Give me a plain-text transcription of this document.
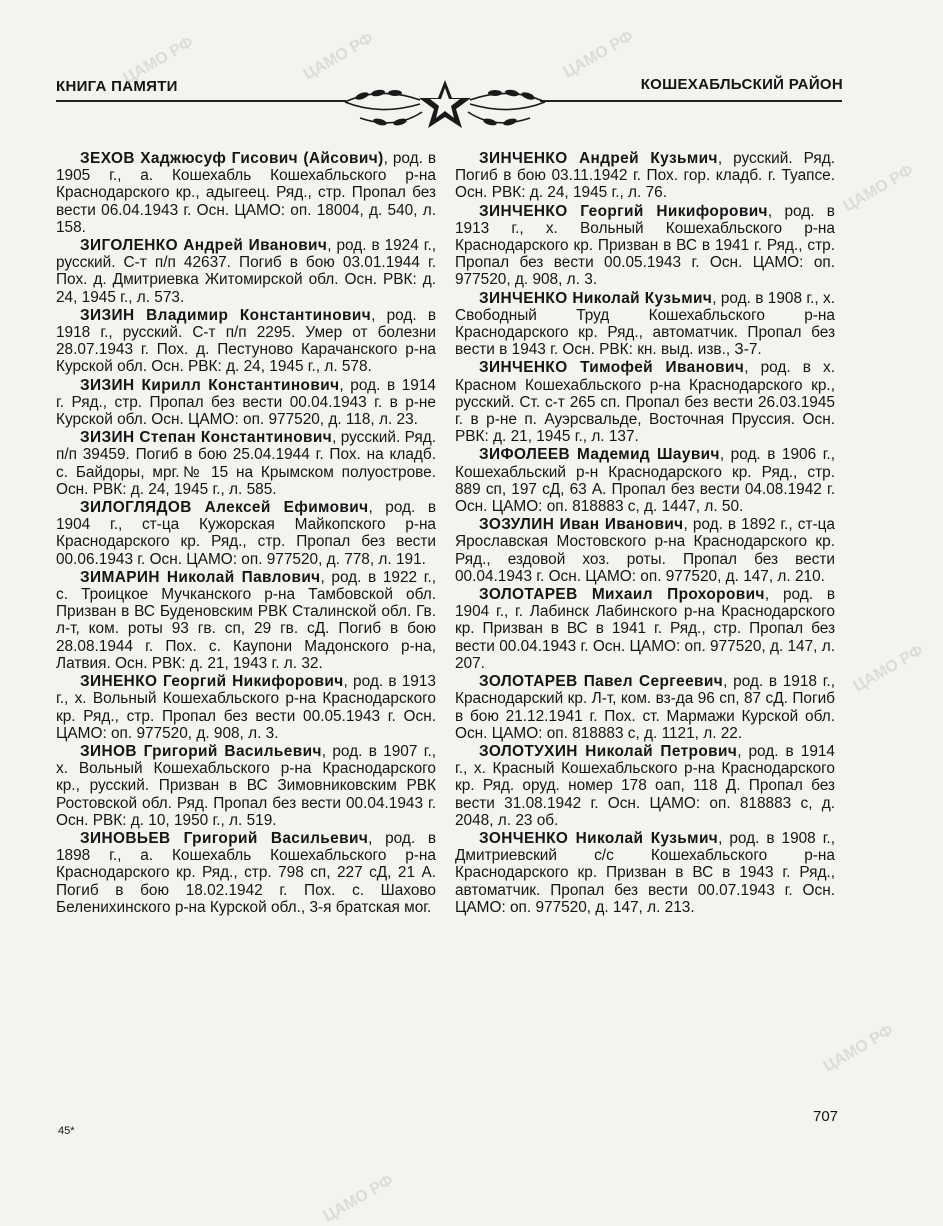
КНИГА ПАМЯТИ	КОШЕХАБЛЬСКИЙ РАЙОН
ЦАМО РФ	ЦАМО РФ	ЦАМО РФ
ЦАМО РФ
ЦАМО РФ
ЦАМО РФ
ЦАМО РФ

ЗЕХОВ Хаджюсуф Гисович (Айсович), род. в 1905 г., а. Кошехабль Кошехабльского р-на Краснодарского кр., адыгеец. Ряд., стр. Пропал без вести 06.04.1943 г. Осн. ЦАМО: оп. 18004, д. 540, л. 158.

ЗИГОЛЕНКО Андрей Иванович, род. в 1924 г., русский. С-т п/п 42637. Погиб в бою 03.01.1944 г. Пох. д. Дмитриевка Житомирской обл. Осн. РВК: д. 24, 1945 г., л. 573.

ЗИЗИН Владимир Константинович, род. в 1918 г., русский. С-т п/п 2295. Умер от болезни 28.07.1943 г. Пох. д. Пестуново Карачанского р-на Курской обл. Осн. РВК: д. 24, 1945 г., л. 578.

ЗИЗИН Кирилл Константинович, род. в 1914 г. Ряд., стр. Пропал без вести 00.04.1943 г. в р-не Курской обл. Осн. ЦАМО: оп. 977520, д. 118, л. 23.

ЗИЗИН Степан Константинович, русский. Ряд. п/п 39459. Погиб в бою 25.04.1944 г. Пох. на кладб. с. Байдоры, мрг.№ 15 на Крымском полуострове. Осн. РВК: д. 24, 1945 г., л. 585.

ЗИЛОГЛЯДОВ Алексей Ефимович, род. в 1904 г., ст-ца Кужорская Майкопского р-на Краснодарского кр. Ряд., стр. Пропал без вести 00.06.1943 г. Осн. ЦАМО: оп. 977520, д. 778, л. 191.

ЗИМАРИН Николай Павлович, род. в 1922 г., с. Троицкое Мучканского р-на Тамбовской обл. Призван в ВС Буденовским РВК Сталинской обл. Гв. л-т, ком. роты 93 гв. сп, 29 гв. сД. Погиб в бою 28.08.1944 г. Пох. с. Каупони Мадонского р-на, Латвия. Осн. РВК: д. 21, 1943 г. л. 32.

ЗИНЕНКО Георгий Никифорович, род. в 1913 г., х. Вольный Кошехабльского р-на Краснодарского кр. Ряд., стр. Пропал без вести 00.05.1943 г. Осн. ЦАМО: оп. 977520, д. 908, л. 3.

ЗИНОВ Григорий Васильевич, род. в 1907 г., х. Вольный Кошехабльского р-на Краснодарского кр., русский. Призван в ВС Зимовниковским РВК Ростовской обл. Ряд. Пропал без вести 00.04.1943 г. Осн. РВК: д. 10, 1950 г., л. 519.

ЗИНОВЬЕВ Григорий Васильевич, род. в 1898 г., а. Кошехабль Кошехабльского р-на Краснодарского кр. Ряд., стр. 798 сп, 227 сД, 21 А. Погиб в бою 18.02.1942 г. Пох. с. Шахово Белениxинского р-на Курской обл., 3-я братская мог.

ЗИНЧЕНКО Андрей Кузьмич, русский. Ряд. Погиб в бою 03.11.1942 г. Пох. гор. кладб. г. Туапсе. Осн. РВК: д. 24, 1945 г., л. 76.

ЗИНЧЕНКО Георгий Никифорович, род. в 1913 г., х. Вольный Кошехабльского р-на Краснодарского кр. Призван в ВС в 1941 г. Ряд., стр. Пропал без вести 00.05.1943 г. Осн. ЦАМО: оп. 977520, д. 908, л. 3.

ЗИНЧЕНКО Николай Кузьмич, род. в 1908 г., х. Свободный Труд Кошехабльского р-на Краснодарского кр. Ряд., автоматчик. Пропал без вести в 1943 г. Осн. РВК: кн. выд. изв., З-7.

ЗИНЧЕНКО Тимофей Иванович, род. в х. Красном Кошехабльского р-на Краснодарского кр., русский. Ст. с-т 265 сп. Пропал без вести 26.03.1945 г. в р-не п. Ауэрсвальде, Восточная Пруссия. Осн. РВК: д. 21, 1945 г., л. 137.

ЗИФОЛЕЕВ Мадемид Шаувич, род. в 1906 г., Кошехабльский р-н Краснодарского кр. Ряд., стр. 889 сп, 197 сД, 63 А. Пропал без вести 04.08.1942 г. Осн. ЦАМО: оп. 818883 с, д. 1447, л. 50.

ЗОЗУЛИН Иван Иванович, род. в 1892 г., ст-ца Ярославская Мостовского р-на Краснодарского кр. Ряд., ездовой хоз. роты. Пропал без вести 00.04.1943 г. Осн. ЦАМО: оп. 977520, д. 147, л. 210.

ЗОЛОТАРЕВ Михаил Прохорович, род. в 1904 г., г. Лабинск Лабинского р-на Краснодарского кр. Призван в ВС в 1941 г. Ряд., стр. Пропал без вести 00.04.1943 г. Осн. ЦАМО: оп. 977520, д. 147, л. 207.

ЗОЛОТАРЕВ Павел Сергеевич, род. в 1918 г., Краснодарский кр. Л-т, ком. вз-да 96 сп, 87 сД. Погиб в бою 21.12.1941 г. Пох. ст. Мармажи Курской обл. Осн. ЦАМО: оп. 818883 с, д. 1121, л. 22.

ЗОЛОТУХИН Николай Петрович, род. в 1914 г., х. Красный Кошехабльского р-на Краснодарского кр. Ряд. оруд. номер 178 оап, 118 Д. Пропал без вести 31.08.1942 г. Осн. ЦАМО: оп. 818883 с, д. 2048, л. 23 об.

ЗОНЧЕНКО Николай Кузьмич, род. в 1908 г., Дмитриевский с/с Кошехабльского р-на Краснодарского кр. Призван в ВС в 1943 г. Ряд., автоматчик. Пропал без вести 00.07.1943 г. Осн. ЦАМО: оп. 977520, д. 147, л. 213.

45*
707
